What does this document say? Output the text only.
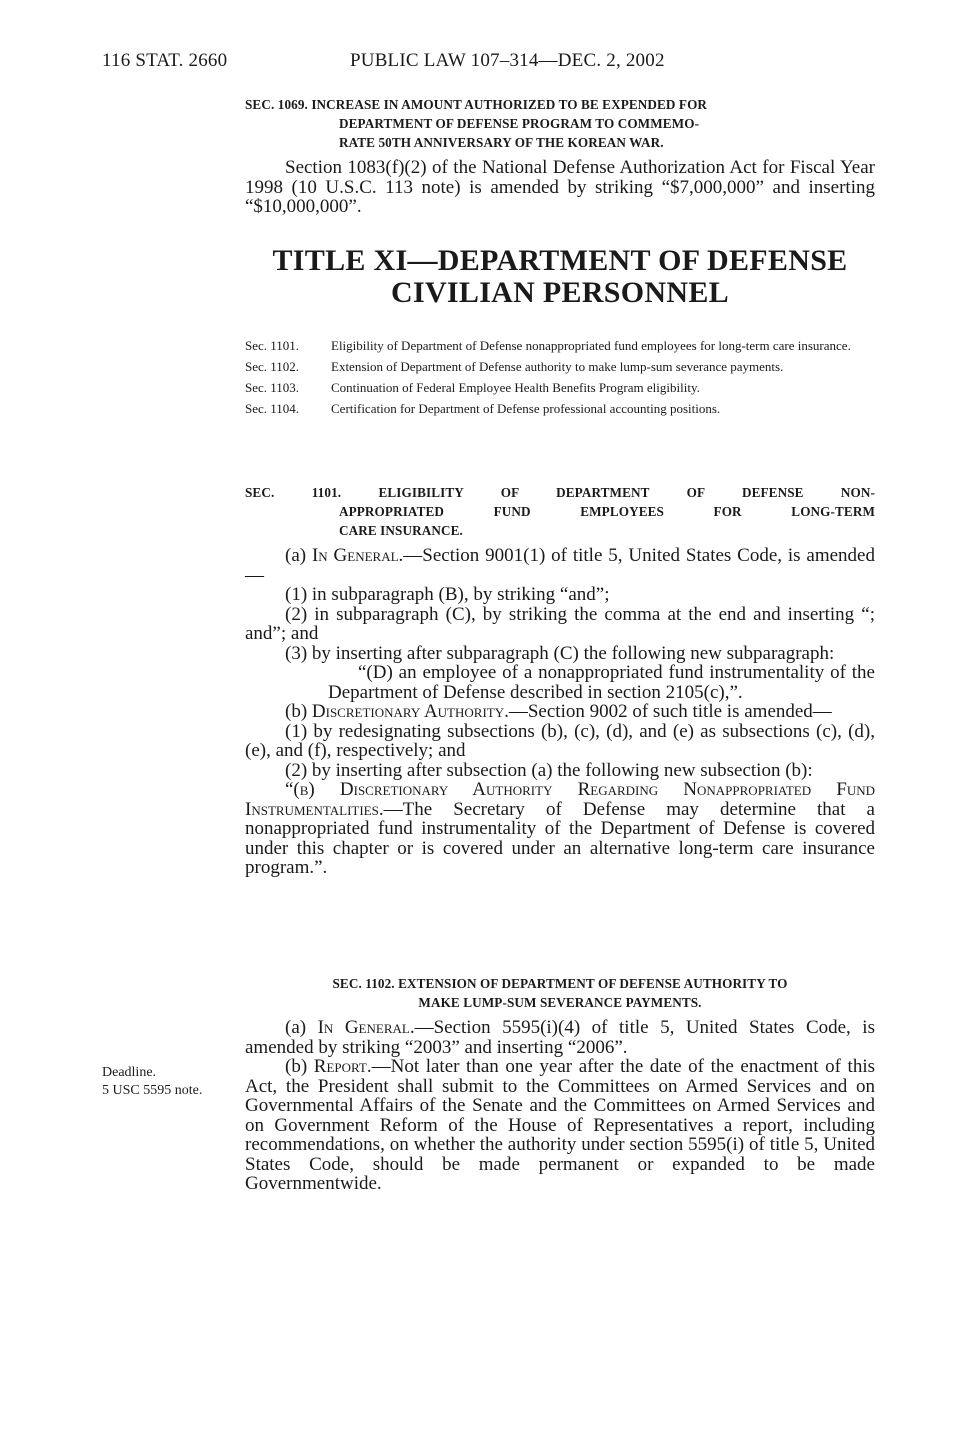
116 STAT. 2660	PUBLIC LAW 107–314—DEC. 2, 2002
SEC. 1069. INCREASE IN AMOUNT AUTHORIZED TO BE EXPENDED FOR
DEPARTMENT OF DEFENSE PROGRAM TO COMMEMO-
RATE 50TH ANNIVERSARY OF THE KOREAN WAR.

Section 1083(f)(2) of the National Defense Authorization Act for Fiscal Year 1998 (10 U.S.C. 113 note) is amended by striking “$7,000,000” and inserting “$10,000,000”.

TITLE XI—DEPARTMENT OF DEFENSE
CIVILIAN PERSONNEL
Sec. 1101.	Eligibility of Department of Defense nonappropriated fund employees for long-term care insurance.
Sec. 1102.	Extension of Department of Defense authority to make lump-sum severance payments.
Sec. 1103.	Continuation of Federal Employee Health Benefits Program eligibility.
Sec. 1104.	Certification for Department of Defense professional accounting positions.
SEC. 1101. ELIGIBILITY OF DEPARTMENT OF DEFENSE NON-
APPROPRIATED FUND EMPLOYEES FOR LONG-TERM
CARE INSURANCE.

(a) In General.—Section 9001(1) of title 5, United States Code, is amended—

(1) in subparagraph (B), by striking “and”;

(2) in subparagraph (C), by striking the comma at the end and inserting “; and”; and

(3) by inserting after subparagraph (C) the following new subparagraph:

“(D) an employee of a nonappropriated fund instrumentality of the Department of Defense described in section 2105(c),”.

(b) Discretionary Authority.—Section 9002 of such title is amended—

(1) by redesignating subsections (b), (c), (d), and (e) as subsections (c), (d), (e), and (f), respectively; and

(2) by inserting after subsection (a) the following new subsection (b):

“(b) Discretionary Authority Regarding Nonappropriated Fund Instrumentalities.—The Secretary of Defense may determine that a nonappropriated fund instrumentality of the Department of Defense is covered under this chapter or is covered under an alternative long-term care insurance program.”.

SEC. 1102. EXTENSION OF DEPARTMENT OF DEFENSE AUTHORITY TO
MAKE LUMP-SUM SEVERANCE PAYMENTS.

(a) In General.—Section 5595(i)(4) of title 5, United States Code, is amended by striking “2003” and inserting “2006”.

(b) Report.—Not later than one year after the date of the enactment of this Act, the President shall submit to the Committees on Armed Services and on Governmental Affairs of the Senate and the Committees on Armed Services and on Government Reform of the House of Representatives a report, including recommendations, on whether the authority under section 5595(i) of title 5, United States Code, should be made permanent or expanded to be made Governmentwide.

Deadline.
5 USC 5595 note.
